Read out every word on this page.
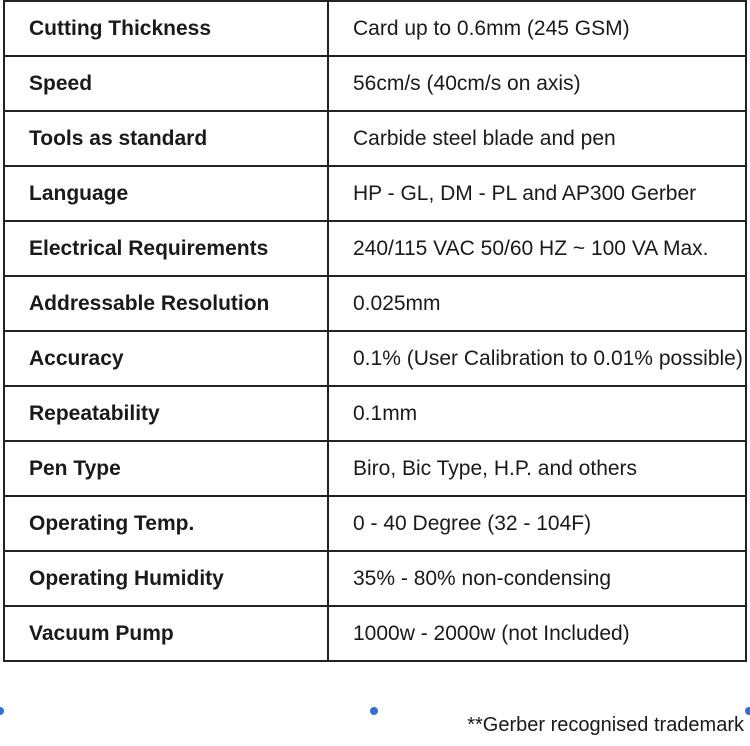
Cutting Thickness	Card up to 0.6mm (245 GSM)
Speed	56cm/s (40cm/s on axis)
Tools as standard	Carbide steel blade and pen
Language	HP - GL, DM - PL and AP300 Gerber
Electrical Requirements	240/115 VAC 50/60 HZ ~ 100 VA Max.
Addressable Resolution	0.025mm
Accuracy	0.1% (User Calibration to 0.01% possible)
Repeatability	0.1mm
Pen Type	Biro, Bic Type, H.P. and others
Operating Temp.	0 - 40 Degree (32 - 104F)
Operating Humidity	35% - 80% non-condensing
Vacuum Pump	1000w - 2000w (not Included)
**Gerber recognised trademark
